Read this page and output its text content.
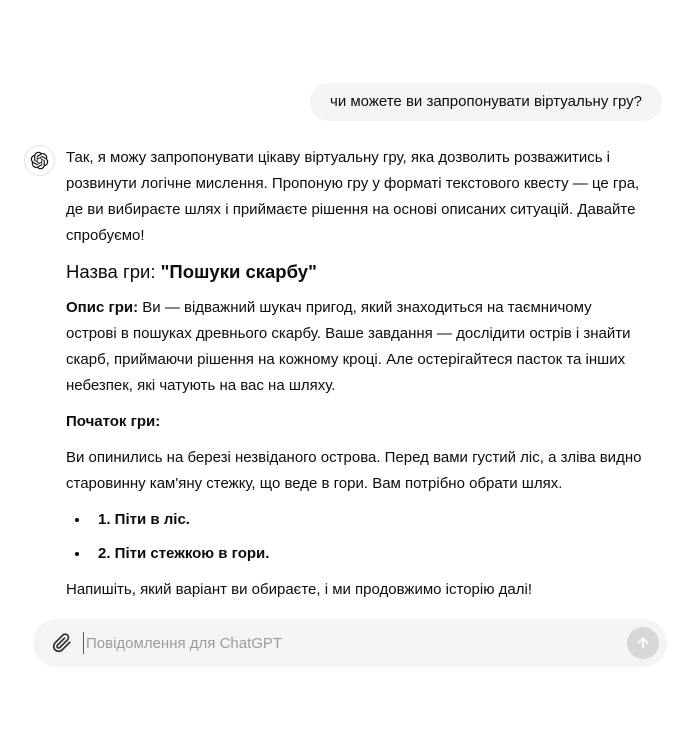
чи можете ви запропонувати віртуальну гру?

Так, я можу запропонувати цікаву віртуальну гру, яка дозволить розважитись і розвинути логічне мислення. Пропоную гру у форматі текстового квесту — це гра, де ви вибираєте шлях і приймаєте рішення на основі описаних ситуацій. Давайте спробуємо!

Назва гри: "Пошуки скарбу"

Опис гри: Ви — відважний шукач пригод, який знаходиться на таємничому острові в пошуках древнього скарбу. Ваше завдання — дослідити острів і знайти скарб, приймаючи рішення на кожному кроці. Але остерігайтеся пасток та інших небезпек, які чатують на вас на шляху.

Початок гри:

Ви опинились на березі незвіданого острова. Перед вами густий ліс, а зліва видно старовинну кам'яну стежку, що веде в гори. Вам потрібно обрати шлях.

• 1. Піти в ліс.
• 2. Піти стежкою в гори.

Напишіть, який варіант ви обираєте, і ми продовжимо історію далі!

Повідомлення для ChatGPT
